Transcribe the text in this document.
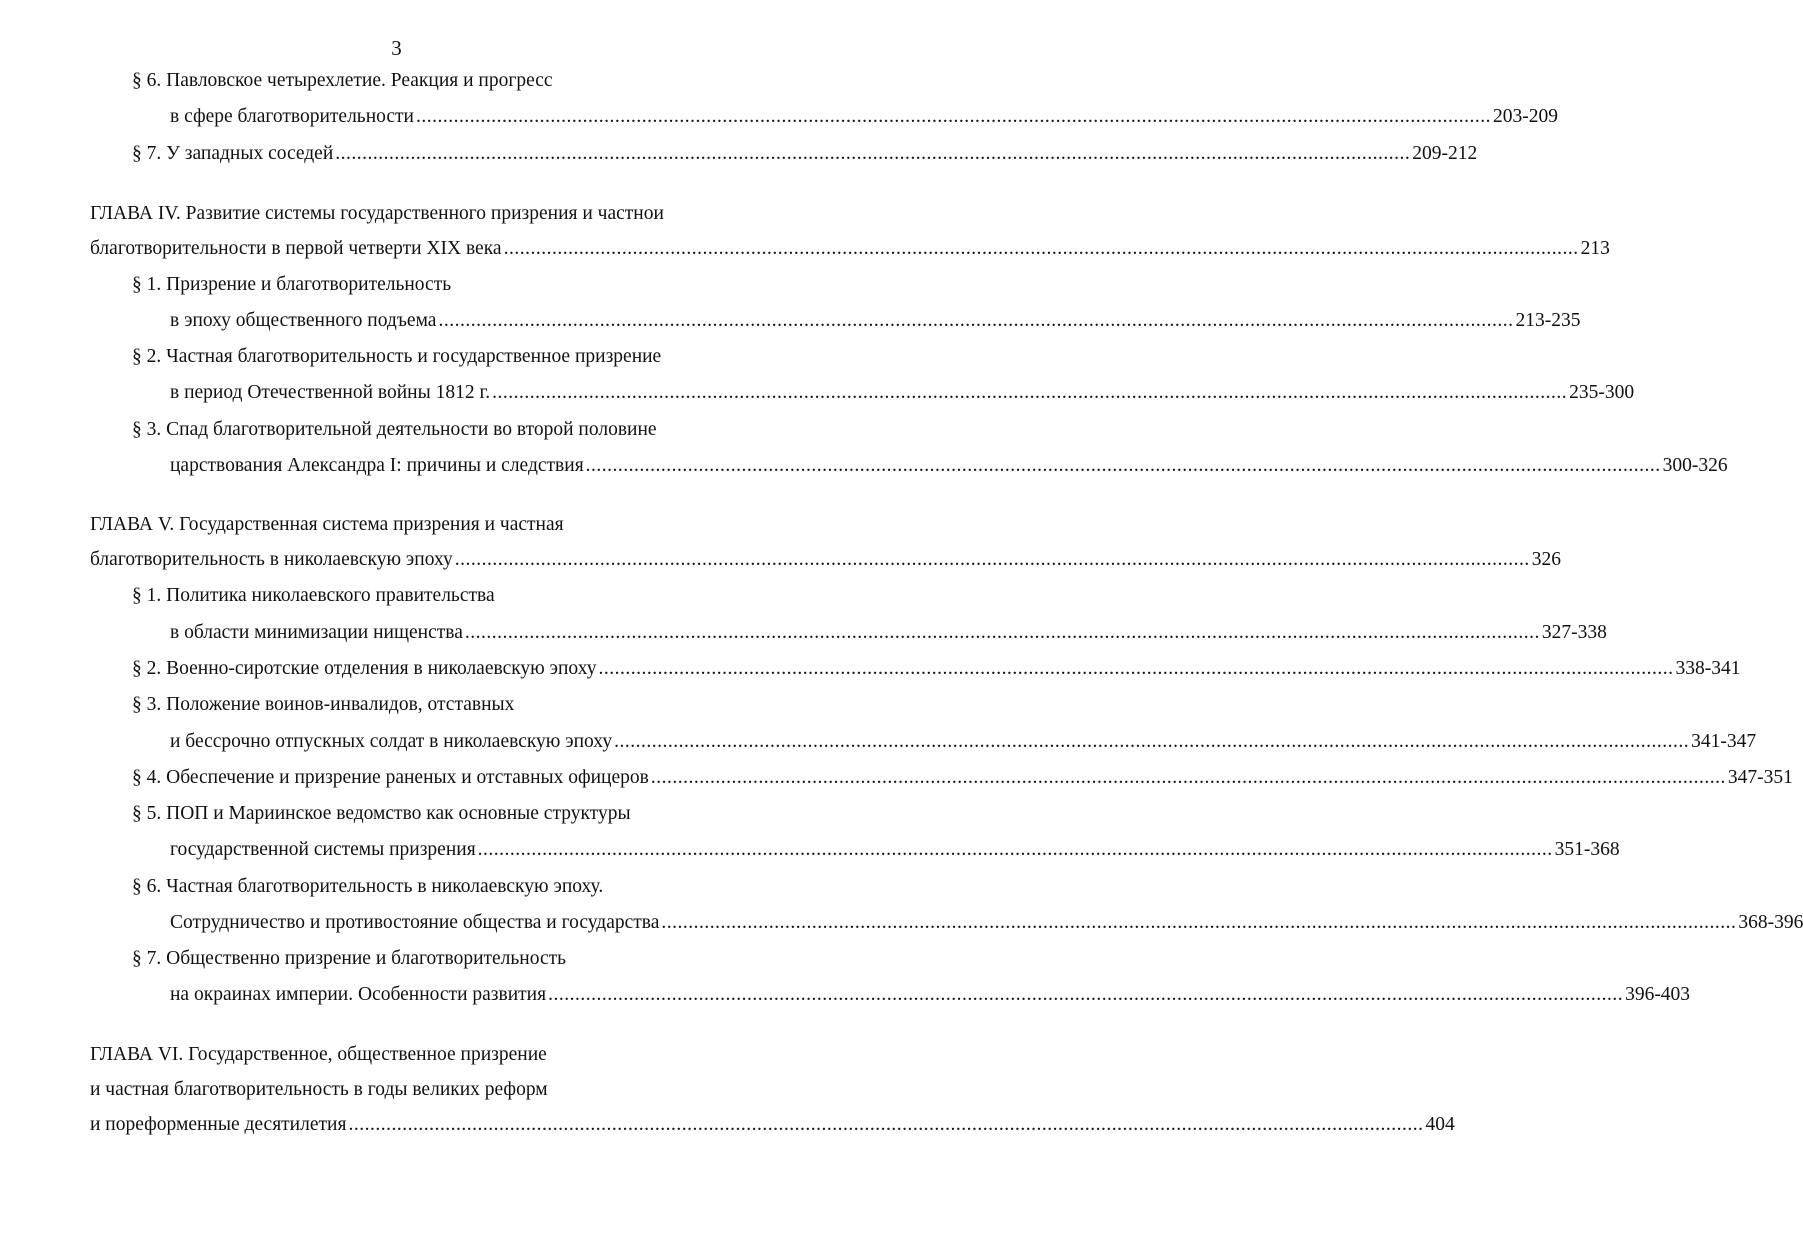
3
§ 6. Павловское четырехлетие. Реакция и прогресс
в сфере благотворительности ........................................................................................................................................................................................................ 203-209
§ 7. У западных соседей ........................................................................................................................................................................................................ 209-212
ГЛАВА IV. Развитие системы государственного призрения и частнои
благотворительности в первой четверти XIX века ........................................................................................................................................................................................................ 213
§ 1. Призрение и благотворительность
в эпоху общественного подъема ........................................................................................................................................................................................................ 213-235
§ 2. Частная благотворительность и государственное призрение
в период Отечественной войны 1812 г. ........................................................................................................................................................................................................ 235-300
§ 3. Спад благотворительной деятельности во второй половине
царствования Александра I: причины и следствия ........................................................................................................................................................................................................ 300-326
ГЛАВА V. Государственная система призрения и частная
благотворительность в николаевскую эпоху ........................................................................................................................................................................................................ 326
§ 1. Политика николаевского правительства
в области минимизации нищенства ........................................................................................................................................................................................................ 327-338
§ 2. Военно-сиротские отделения в николаевскую эпоху ........................................................................................................................................................................................................ 338-341
§ 3. Положение воинов-инвалидов, отставных
и бессрочно отпускных солдат в николаевскую эпоху ........................................................................................................................................................................................................ 341-347
§ 4. Обеспечение и призрение раненых и отставных офицеров ........................................................................................................................................................................................................ 347-351
§ 5. ПОП и Мариинское ведомство как основные структуры
государственной системы призрения ........................................................................................................................................................................................................ 351-368
§ 6. Частная благотворительность в николаевскую эпоху.
Сотрудничество и противостояние общества и государства ........................................................................................................................................................................................................ 368-396
§ 7. Общественно призрение и благотворительность
на окраинах империи. Особенности развития ........................................................................................................................................................................................................ 396-403
ГЛАВА VI. Государственное, общественное призрение
и частная благотворительность в годы великих реформ
и пореформенные десятилетия ........................................................................................................................................................................................................ 404
